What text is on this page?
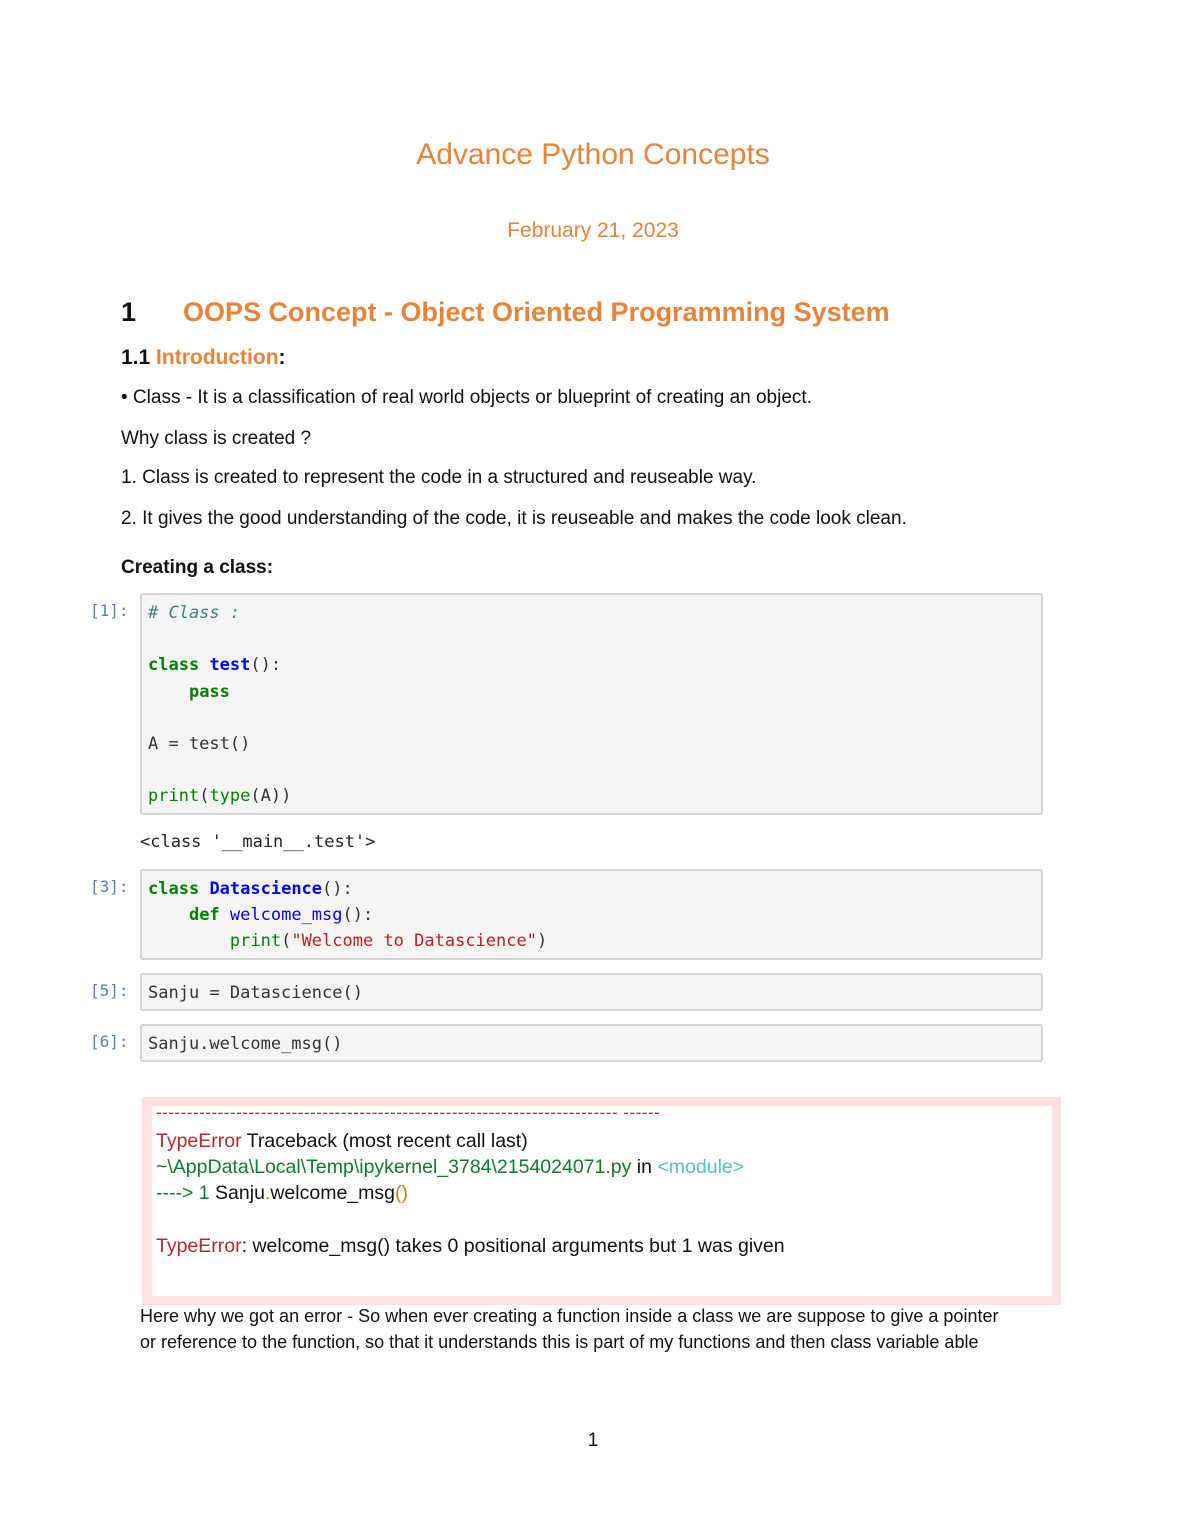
Advance Python Concepts
February 21, 2023
1 OOPS Concept - Object Oriented Programming System
1.1 Introduction:
• Class - It is a classification of real world objects or blueprint of creating an object.
Why class is created ?
1. Class is created to represent the code in a structured and reuseable way.
2. It gives the good understanding of the code, it is reuseable and makes the code look clean.
Creating a class:
[1]:	# Class :

class test():
pass

A = test()

print(type(A))
<class '__main__.test'>
[3]:	class Datascience():
def welcome_msg():
print("Welcome to Datascience")
[5]:	Sanju = Datascience()
[6]:	Sanju.welcome_msg()
--------------------------------------------------------------------------- ------
TypeError Traceback (most recent call last)
~\AppData\Local\Temp\ipykernel_3784\2154024071.py in <module>
----> 1 Sanju.welcome_msg()
TypeError: welcome_msg() takes 0 positional arguments but 1 was given
Here why we got an error - So when ever creating a function inside a class we are suppose to give a pointer
or reference to the function, so that it understands this is part of my functions and then class variable able
1
